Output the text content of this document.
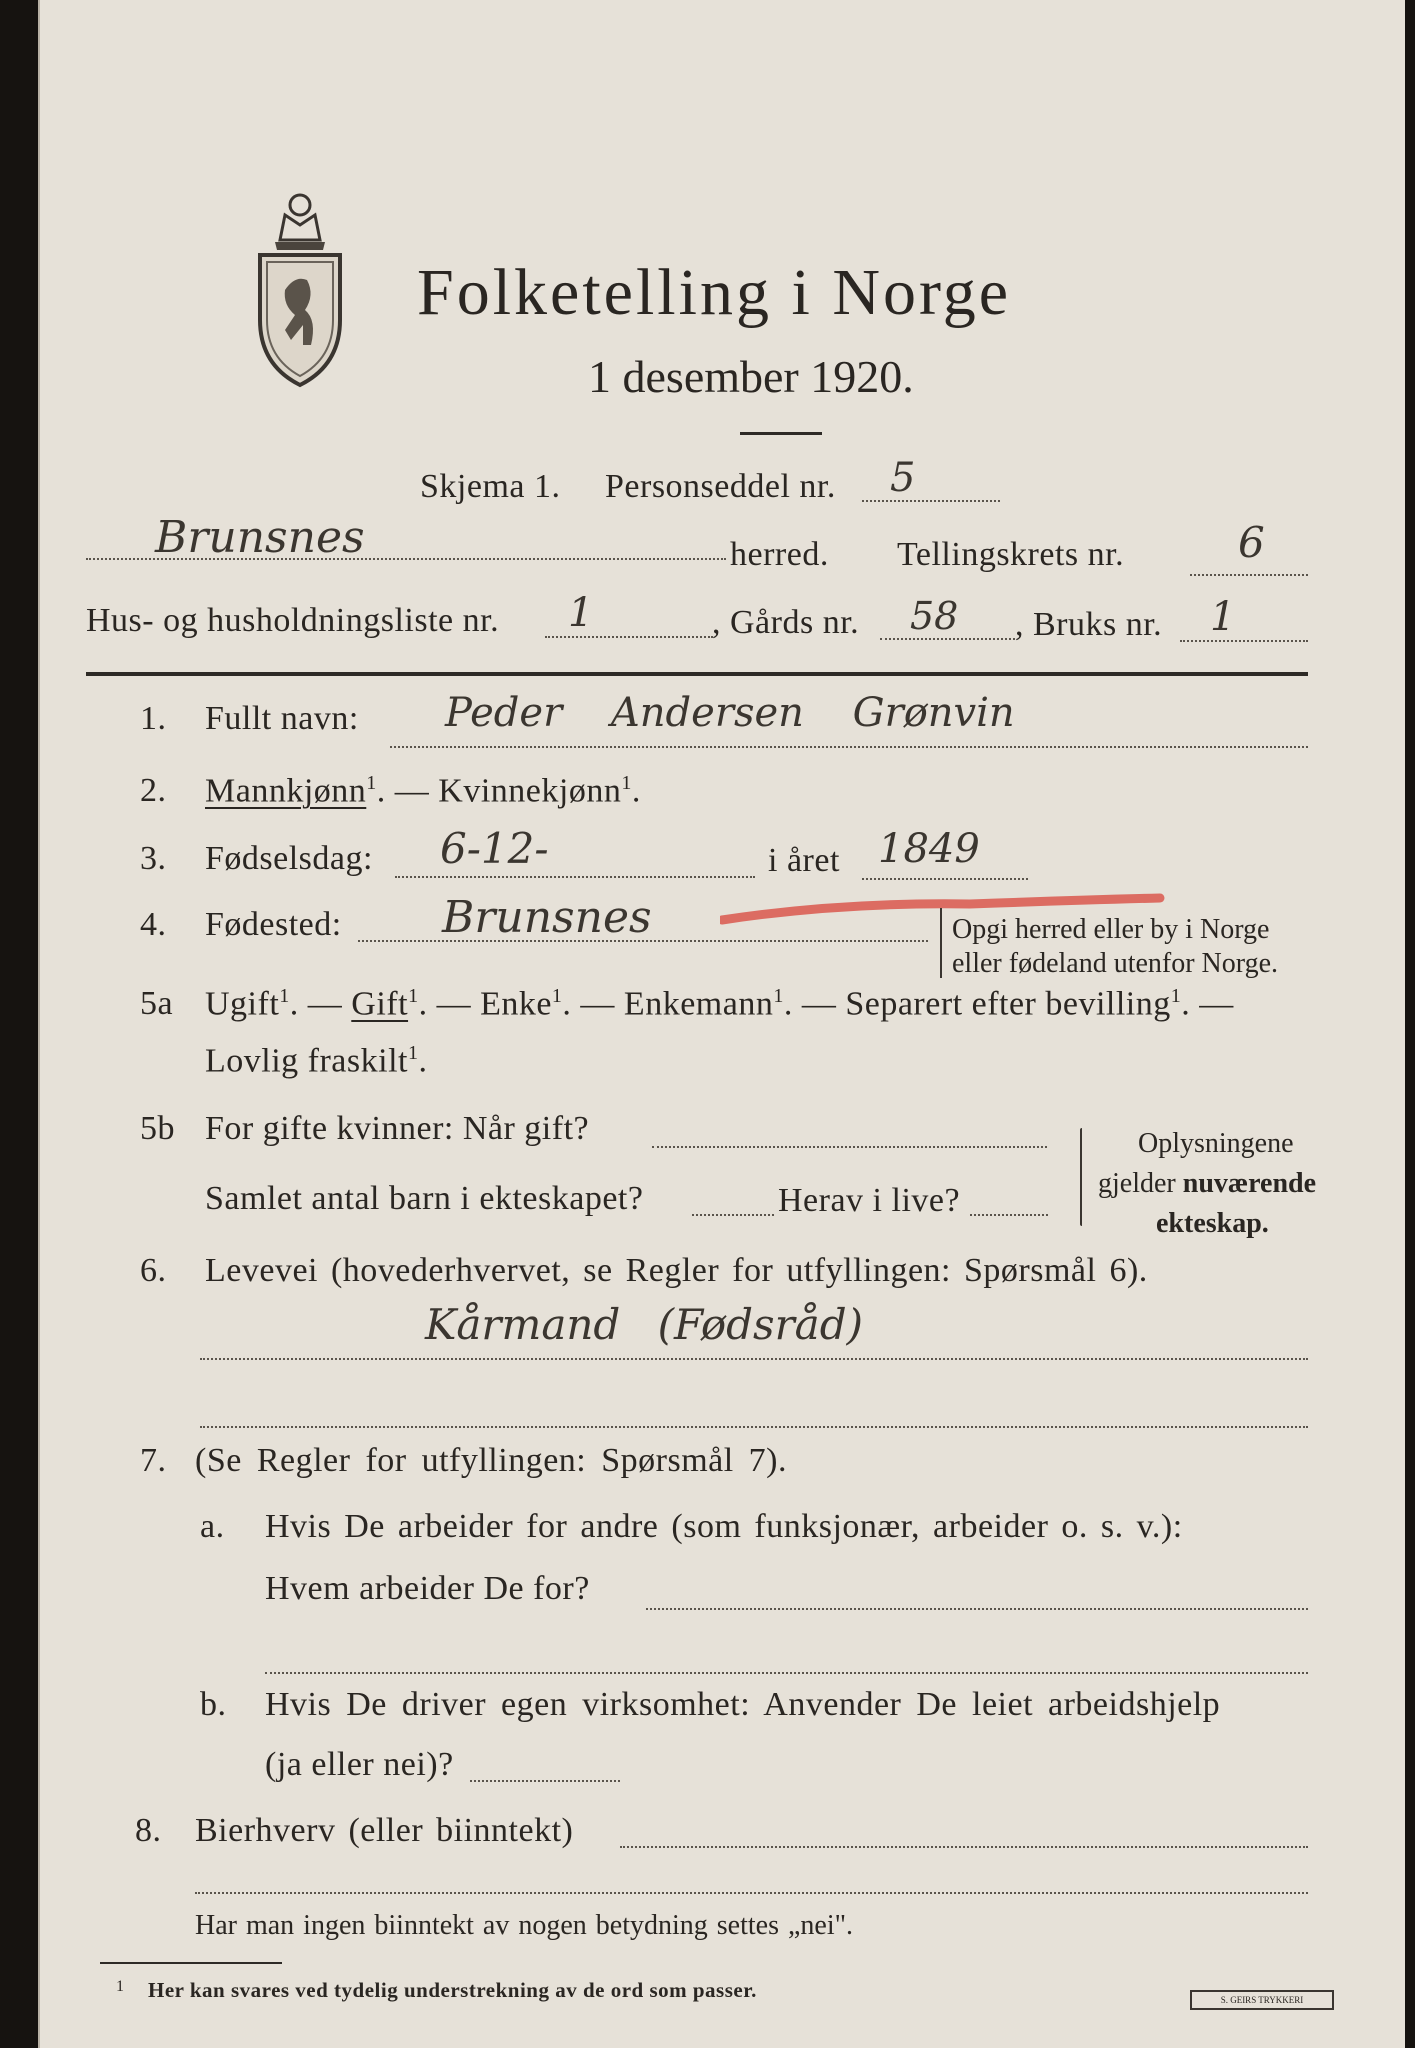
Folketelling i Norge
1 desember 1920.
Skjema 1. Personseddel nr. 5
Brunsnes	herred. Tellingskrets nr.	6
Hus- og husholdningsliste nr. 1	, Gårds nr. 58 , Bruks nr. 1
1. Fullt navn: Peder Andersen Grønvin
2. Mannkjønn$^1$. — Kvinnekjønn$^1$.
3. Fødselsdag: 6-12-	i året 1849
4. Fødested: Brunsnes	Opgi herred eller by i Norge
eller fødeland utenfor Norge.
5a Ugift$^1$. — Gift$^1$. — Enke$^1$. — Enkemann$^1$. — Separert efter bevilling$^1$. —
Lovlig fraskilt$^1$.
5b For gifte kvinner: Når gift?
Samlet antal barn i ekteskapet?	Herav i live?
Oplysningene
gjelder nuværende
ekteskap.
6. Levevei (hovederhvervet, se Regler for utfyllingen: Spørsmål 6).
Kårmand (Fødsråd)
7. (Se Regler for utfyllingen: Spørsmål 7).
a. Hvis De arbeider for andre (som funksjonær, arbeider o. s. v.):
Hvem arbeider De for?
b. Hvis De driver egen virksomhet: Anvender De leiet arbeidshjelp
(ja eller nei)?
8. Bierhverv (eller biinntekt)
Har man ingen biinntekt av nogen betydning settes „nei".
1 Her kan svares ved tydelig understrekning av de ord som passer.	S. GEIRS TRYKKERI
